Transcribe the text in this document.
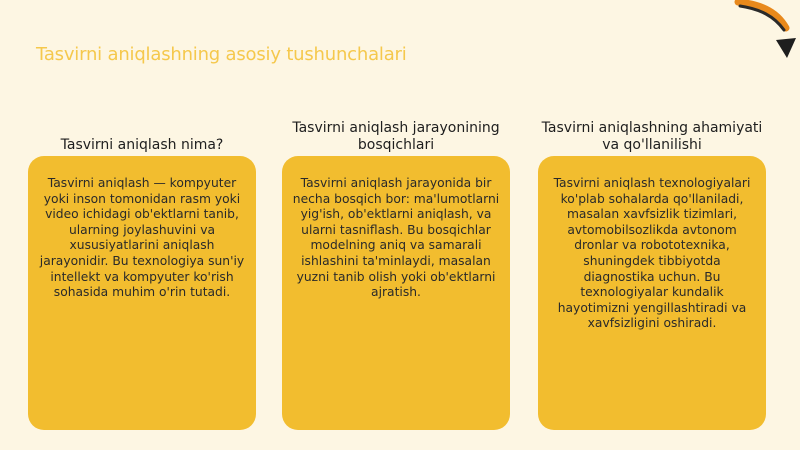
Tasvirni aniqlashning asosiy tushunchalari
Tasvirni aniqlash nima?
Tasvirni aniqlash — kompyuter yoki inson tomonidan rasm yoki video ichidagi ob'ektlarni tanib, ularning joylashuvini va xususiyatlarini aniqlash jarayonidir. Bu texnologiya sun'iy intellekt va kompyuter ko'rish sohasida muhim o'rin tutadi.
Tasvirni aniqlash jarayonining bosqichlari
Tasvirni aniqlash jarayonida bir necha bosqich bor: ma'lumotlarni yig'ish, ob'ektlarni aniqlash, va ularni tasniflash. Bu bosqichlar modelning aniq va samarali ishlashini ta'minlaydi, masalan yuzni tanib olish yoki ob'ektlarni ajratish.
Tasvirni aniqlashning ahamiyati va qo'llanilishi
Tasvirni aniqlash texnologiyalari ko'plab sohalarda qo'llaniladi, masalan xavfsizlik tizimlari, avtomobilsozlikda avtonom dronlar va robototexnika, shuningdek tibbiyotda diagnostika uchun. Bu texnologiyalar kundalik hayotimizni yengillashtiradi va xavfsizligini oshiradi.
